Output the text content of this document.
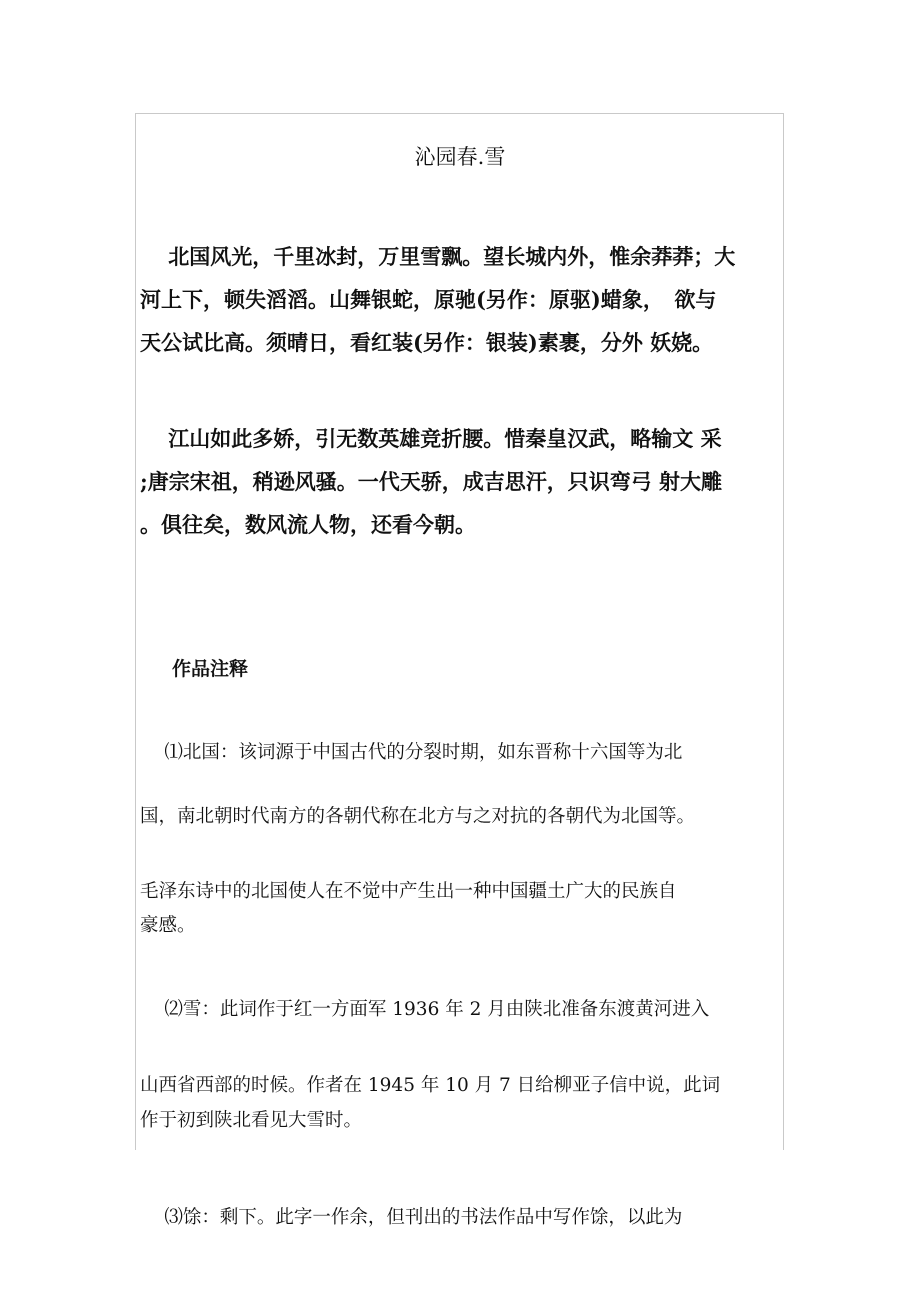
沁园春.雪
　 北国风光，千里冰封，万里雪飘。望长城内外，惟余莽莽；大
河上下，顿失滔滔。山舞银蛇，原驰(另作：原驱)蜡象，　欲与
天公试比高。须晴日，看红装(另作：银装)素裹，分外 妖娆。
　 江山如此多娇，引无数英雄竞折腰。惜秦皇汉武，略输文 采
;唐宗宋祖，稍逊风骚。一代天骄，成吉思汗，只识弯弓 射大雕
。俱往矣，数风流人物，还看今朝。
作品注释
　 ⑴北国：该词源于中国古代的分裂时期，如东晋称十六国等为北
国，南北朝时代南方的各朝代称在北方与之对抗的各朝代为北国等。
毛泽东诗中的北国使人在不觉中产生出一种中国疆土广大的民族自
豪感。
　 ⑵雪：此词作于红一方面军 1936 年 2 月由陕北准备东渡黄河进入
山西省西部的时候。作者在 1945 年 10 月 7 日给柳亚子信中说，此词
作于初到陕北看见大雪时。
　 ⑶馀：剩下。此字一作余，但刊出的书法作品中写作馀，以此为
